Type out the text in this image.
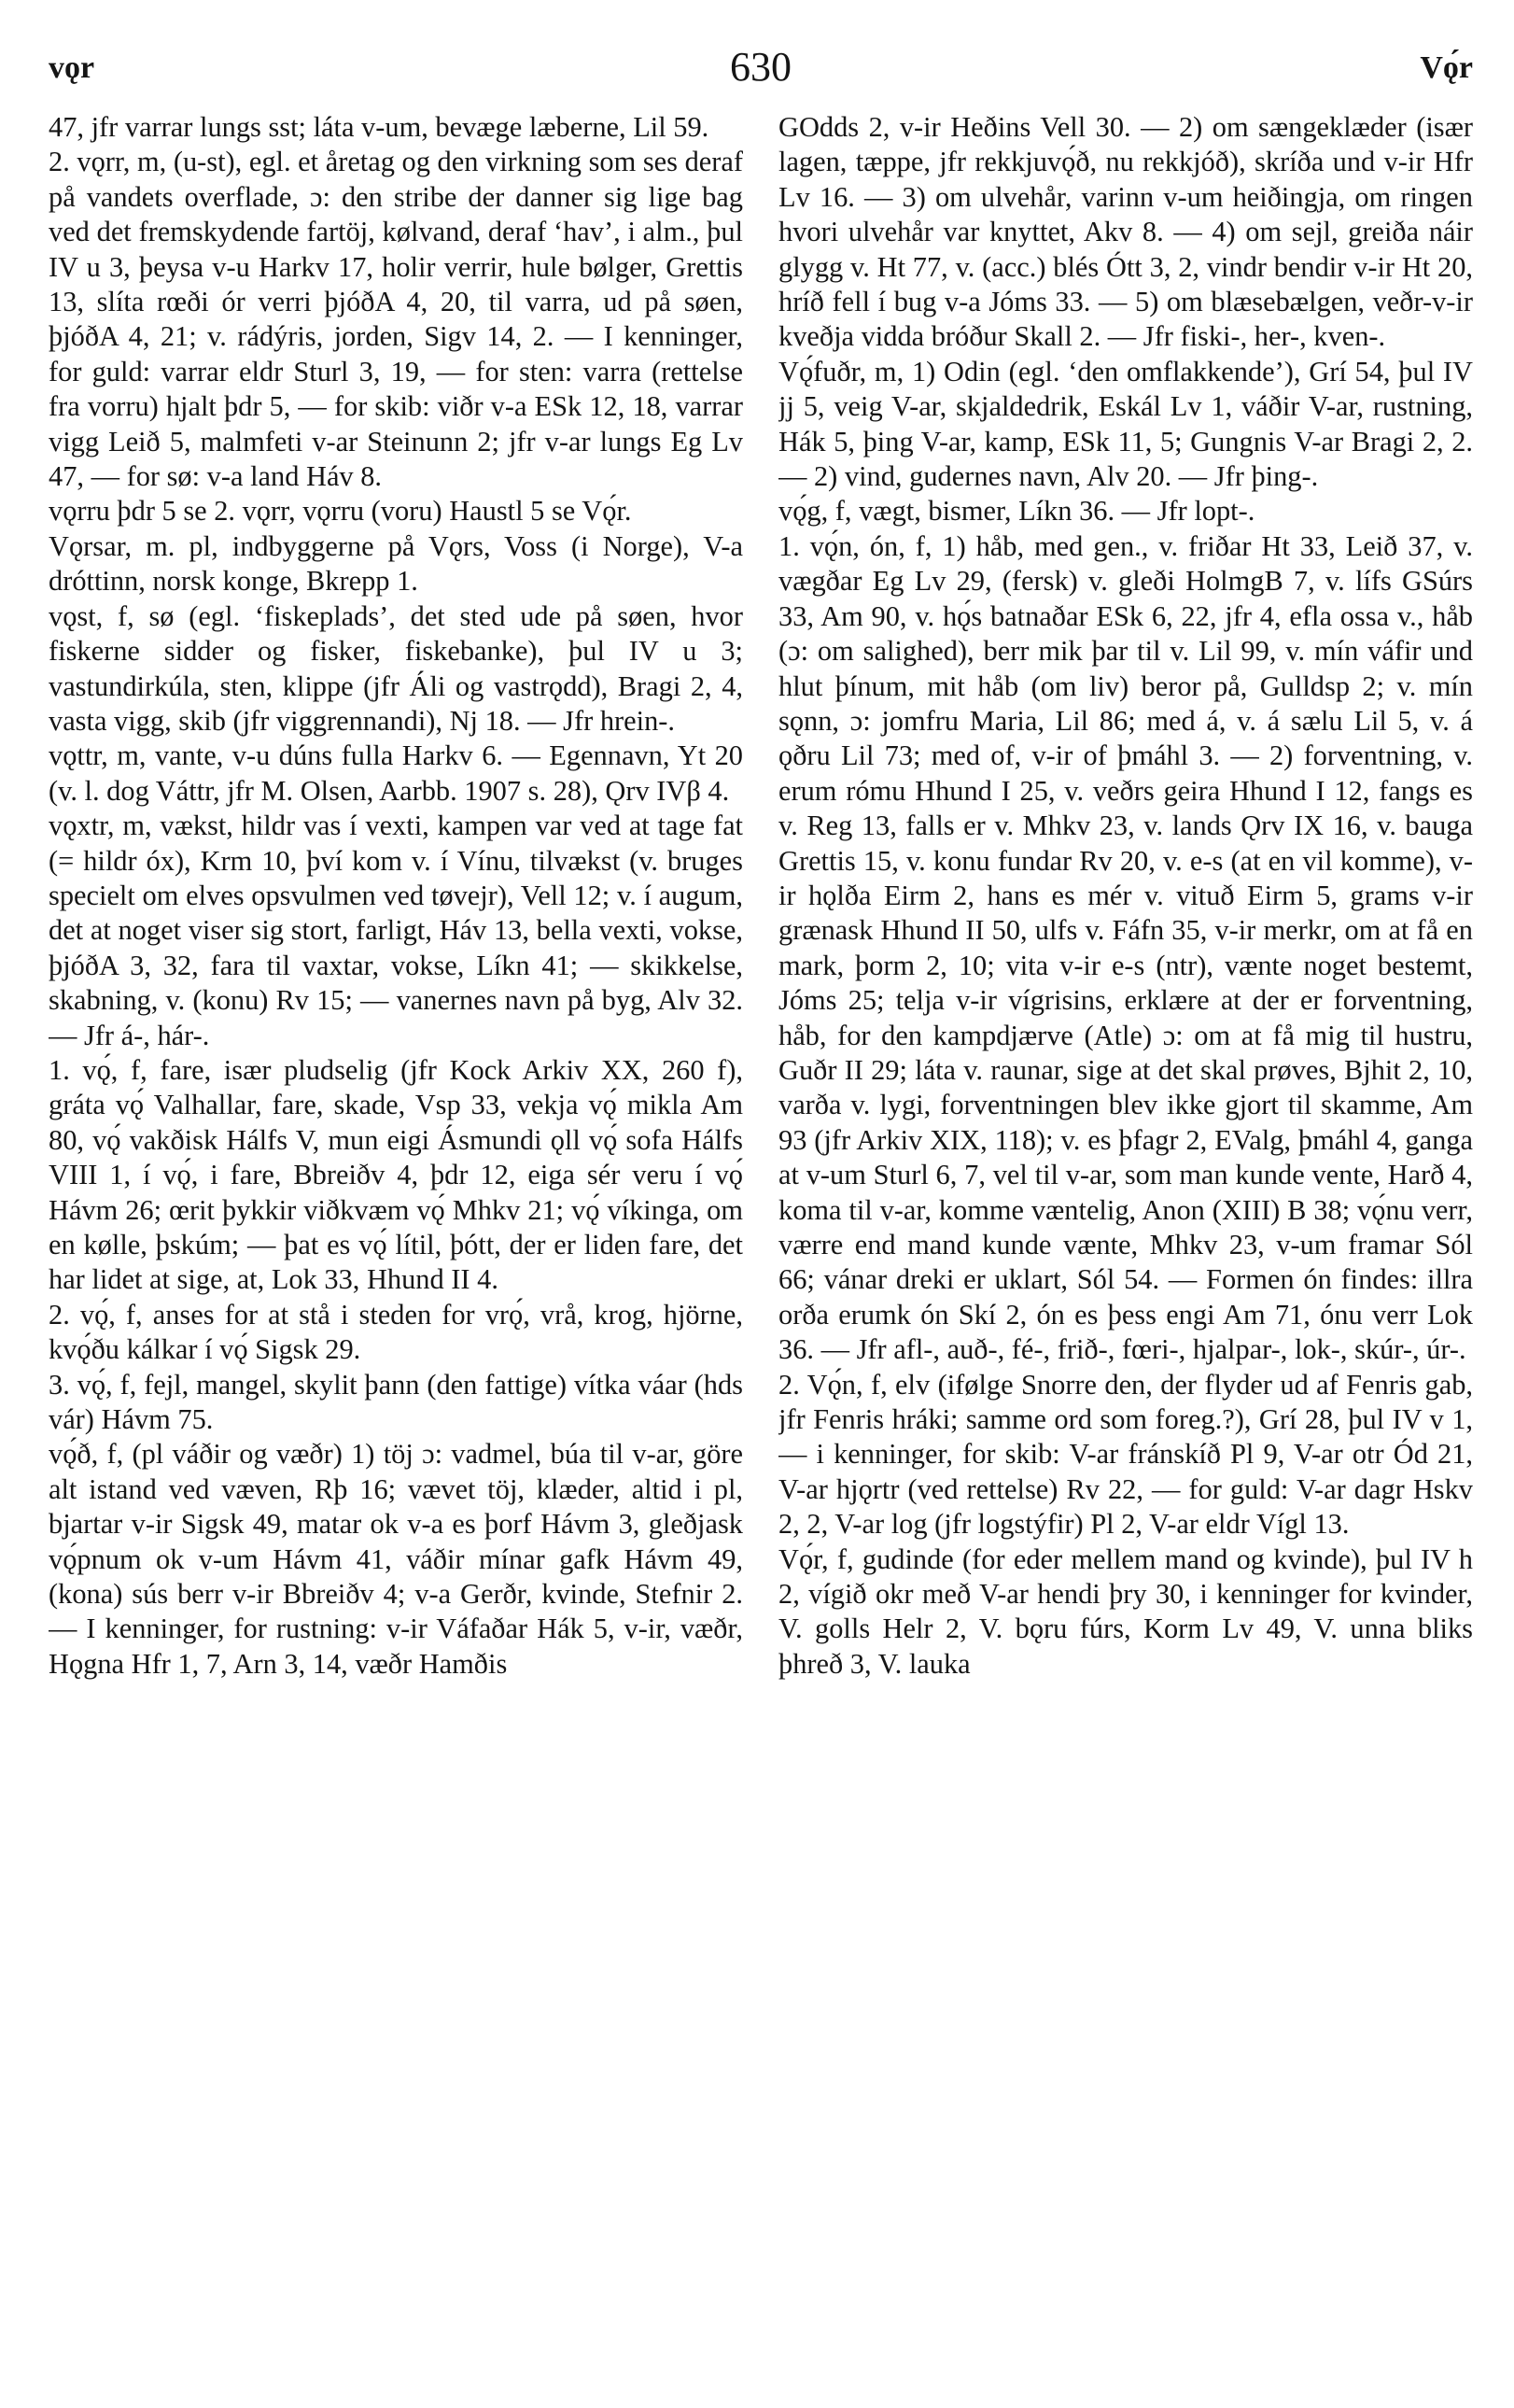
vǫr	630	Vǫ́r

47, jfr varrar lungs sst; láta v-um, bevæge læberne, Lil 59.

2. vǫrr, m, (u-st), egl. et åretag og den virkning som ses deraf på vandets overflade, ɔ: den stribe der danner sig lige bag ved det fremskydende fartöj, kølvand, deraf ‘hav’, i alm., þul IV u 3, þeysa v-u Harkv 17, holir verrir, hule bølger, Grettis 13, slíta rœði ór verri þjóðA 4, 20, til varra, ud på søen, þjóðA 4, 21; v. rádýris, jorden, Sigv 14, 2. — I kenninger, for guld: varrar eldr Sturl 3, 19, — for sten: varra (rettelse fra vorru) hjalt þdr 5, — for skib: viðr v-a ESk 12, 18, varrar vigg Leið 5, malmfeti v-ar Steinunn 2; jfr v-ar lungs Eg Lv 47, — for sø: v-a land Háv 8.

vǫrru þdr 5 se 2. vǫrr, vǫrru (voru) Haustl 5 se Vǫ́r.

Vǫrsar, m. pl, indbyggerne på Vǫrs, Voss (i Norge), V-a dróttinn, norsk konge, Bkrepp 1.

vǫst, f, sø (egl. ‘fiskeplads’, det sted ude på søen, hvor fiskerne sidder og fisker, fiskebanke), þul IV u 3; vastundirkúla, sten, klippe (jfr Áli og vastrǫdd), Bragi 2, 4, vasta vigg, skib (jfr viggrennandi), Nj 18. — Jfr hrein-.

vǫttr, m, vante, v-u dúns fulla Harkv 6. — Egennavn, Yt 20 (v. l. dog Váttr, jfr M. Olsen, Aarbb. 1907 s. 28), Ǫrv IVβ 4.

vǫxtr, m, vækst, hildr vas í vexti, kampen var ved at tage fat (= hildr óx), Krm 10, því kom v. í Vínu, tilvækst (v. bruges specielt om elves opsvulmen ved tøvejr), Vell 12; v. í augum, det at noget viser sig stort, farligt, Háv 13, bella vexti, vokse, þjóðA 3, 32, fara til vaxtar, vokse, Líkn 41; — skikkelse, skabning, v. (konu) Rv 15; — vanernes navn på byg, Alv 32. — Jfr á-, hár-.

1. vǫ́, f, fare, især pludselig (jfr Kock Arkiv XX, 260 f), gráta vǫ́ Valhallar, fare, skade, Vsp 33, vekja vǫ́ mikla Am 80, vǫ́ vakðisk Hálfs V, mun eigi Ásmundi ǫll vǫ́ sofa Hálfs VIII 1, í vǫ́, i fare, Bbreiðv 4, þdr 12, eiga sér veru í vǫ́ Hávm 26; œrit þykkir viðkvæm vǫ́ Mhkv 21; vǫ́ víkinga, om en kølle, þskúm; — þat es vǫ́ lítil, þótt, der er liden fare, det har lidet at sige, at, Lok 33, Hhund II 4.

2. vǫ́, f, anses for at stå i steden for vrǫ́, vrå, krog, hjörne, kvǫ́ðu kálkar í vǫ́ Sigsk 29.

3. vǫ́, f, fejl, mangel, skylit þann (den fattige) vítka váar (hds vár) Hávm 75.

vǫ́ð, f, (pl váðir og væðr) 1) töj ɔ: vadmel, búa til v-ar, göre alt istand ved væven, Rþ 16; vævet töj, klæder, altid i pl, bjartar v-ir Sigsk 49, matar ok v-a es þorf Hávm 3, gleðjask vǫ́pnum ok v-um Hávm 41, váðir mínar gafk Hávm 49, (kona) sús berr v-ir Bbreiðv 4; v-a Gerðr, kvinde, Stefnir 2. — I kenninger, for rustning: v-ir Váfaðar Hák 5, v-ir, væðr, Hǫgna Hfr 1, 7, Arn 3, 14, væðr Hamðis

GOdds 2, v-ir Heðins Vell 30. — 2) om sængeklæder (især lagen, tæppe, jfr rekkjuvǫ́ð, nu rekkjóð), skríða und v-ir Hfr Lv 16. — 3) om ulvehår, varinn v-um heiðingja, om ringen hvori ulvehår var knyttet, Akv 8. — 4) om sejl, greiða náir glygg v. Ht 77, v. (acc.) blés Ótt 3, 2, vindr bendir v-ir Ht 20, hríð fell í bug v-a Jóms 33. — 5) om blæsebælgen, veðr-v-ir kveðja vidda bróður Skall 2. — Jfr fiski-, her-, kven-.

Vǫ́fuðr, m, 1) Odin (egl. ‘den omflakkende’), Grí 54, þul IV jj 5, veig V-ar, skjaldedrik, Eskál Lv 1, váðir V-ar, rustning, Hák 5, þing V-ar, kamp, ESk 11, 5; Gungnis V-ar Bragi 2, 2. — 2) vind, gudernes navn, Alv 20. — Jfr þing-.

vǫ́g, f, vægt, bismer, Líkn 36. — Jfr lopt-.

1. vǫ́n, ón, f, 1) håb, med gen., v. friðar Ht 33, Leið 37, v. vægðar Eg Lv 29, (fersk) v. gleði HolmgB 7, v. lífs GSúrs 33, Am 90, v. hǫ́s batnaðar ESk 6, 22, jfr 4, efla ossa v., håb (ɔ: om salighed), berr mik þar til v. Lil 99, v. mín váfir und hlut þínum, mit håb (om liv) beror på, Gulldsp 2; v. mín sǫnn, ɔ: jomfru Maria, Lil 86; med á, v. á sælu Lil 5, v. á ǫðru Lil 73; med of, v-ir of þmáhl 3. — 2) forventning, v. erum rómu Hhund I 25, v. veðrs geira Hhund I 12, fangs es v. Reg 13, falls er v. Mhkv 23, v. lands Ǫrv IX 16, v. bauga Grettis 15, v. konu fundar Rv 20, v. e-s (at en vil komme), v-ir hǫlða Eirm 2, hans es mér v. vituð Eirm 5, grams v-ir grænask Hhund II 50, ulfs v. Fáfn 35, v-ir merkr, om at få en mark, þorm 2, 10; vita v-ir e-s (ntr), vænte noget bestemt, Jóms 25; telja v-ir vígrisins, erklære at der er forventning, håb, for den kampdjærve (Atle) ɔ: om at få mig til hustru, Guðr II 29; láta v. raunar, sige at det skal prøves, Bjhit 2, 10, varða v. lygi, forventningen blev ikke gjort til skamme, Am 93 (jfr Arkiv XIX, 118); v. es þfagr 2, EValg, þmáhl 4, ganga at v-um Sturl 6, 7, vel til v-ar, som man kunde vente, Harð 4, koma til v-ar, komme væntelig, Anon (XIII) B 38; vǫ́nu verr, værre end mand kunde vænte, Mhkv 23, v-um framar Sól 66; vánar dreki er uklart, Sól 54. — Formen ón findes: illra orða erumk ón Skí 2, ón es þess engi Am 71, ónu verr Lok 36. — Jfr afl-, auð-, fé-, frið-, fœri-, hjalpar-, lok-, skúr-, úr-.

2. Vǫ́n, f, elv (ifølge Snorre den, der flyder ud af Fenris gab, jfr Fenris hráki; samme ord som foreg.?), Grí 28, þul IV v 1, — i kenninger, for skib: V-ar fránskíð Pl 9, V-ar otr Ód 21, V-ar hjǫrtr (ved rettelse) Rv 22, — for guld: V-ar dagr Hskv 2, 2, V-ar log (jfr logstýfir) Pl 2, V-ar eldr Vígl 13.

Vǫ́r, f, gudinde (for eder mellem mand og kvinde), þul IV h 2, vígið okr með V-ar hendi þry 30, i kenninger for kvinder, V. golls Helr 2, V. bǫru fúrs, Korm Lv 49, V. unna bliks þhreð 3, V. lauka
